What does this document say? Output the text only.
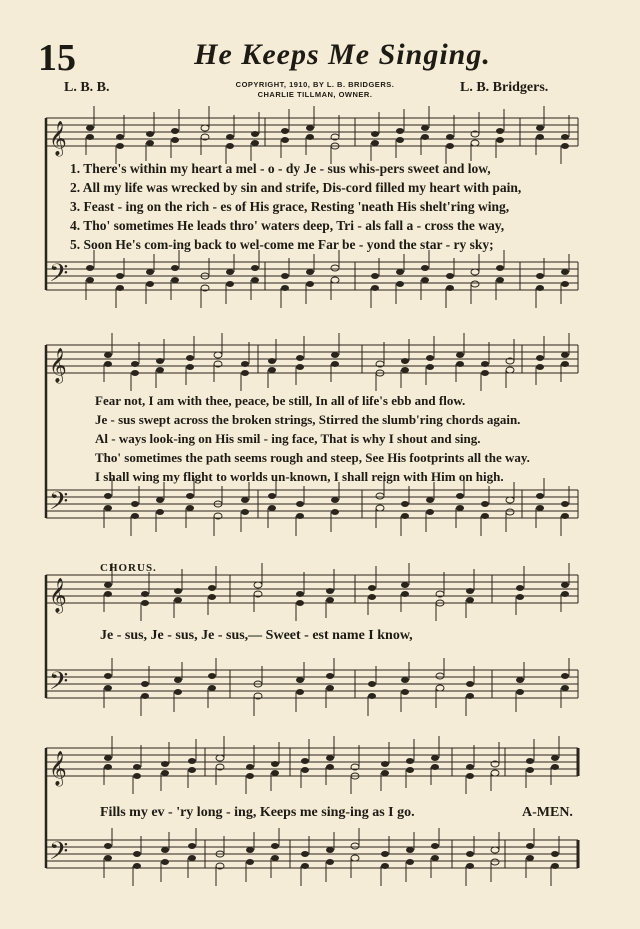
15	He Keeps Me Singing.
L. B. B.	COPYRIGHT, 1910, BY L. B. BRIDGERS.
CHARLIE TILLMAN, OWNER.	L. B. Bridgers.
𝄞
𝄢
𝄞
𝄢
𝄞
𝄢
𝄞
𝄢
1. There's within my heart a mel - o - dy Je - sus whis-pers sweet and low,
2. All my life was wrecked by sin and strife, Dis-cord filled my heart with pain,
3. Feast - ing on the rich - es of His grace, Resting 'neath His shelt'ring wing,
4. Tho' sometimes He leads thro' waters deep, Tri - als fall a - cross the way,
5. Soon He's com-ing back to wel-come me Far be - yond the star - ry sky;
Fear not, I am with thee, peace, be still, In all of life's ebb and flow.
Je - sus swept across the broken strings, Stirred the slumb'ring chords again.
Al - ways look-ing on His smil - ing face, That is why I shout and sing.
Tho' sometimes the path seems rough and steep, See His footprints all the way.
I shall wing my flight to worlds un-known, I shall reign with Him on high.
CHORUS.
Je - sus, Je - sus, Je - sus,— Sweet - est name I know,
Fills my ev - 'ry long - ing, Keeps me sing-ing as I go.	A-MEN.
